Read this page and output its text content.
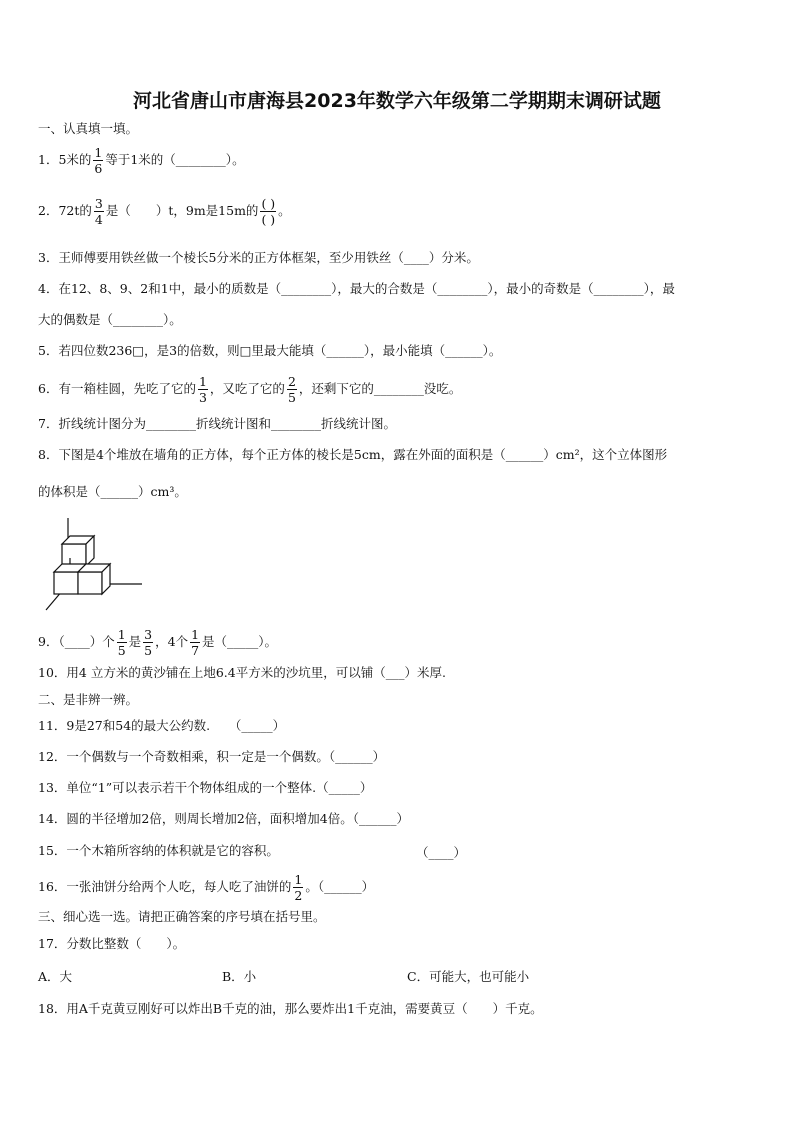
河北省唐山市唐海县2023年数学六年级第二学期期末调研试题
一、认真填一填。
1．5米的 $\frac{1}{6}$ 等于1米的（________）。
2．72t的 $\frac{3}{4}$ 是（　　）t，9m是15m的 ( )
( )
。
3．王师傅要用铁丝做一个棱长5分米的正方体框架，至少用铁丝（____）分米。
4．在12、8、9、2和1中，最小的质数是（________），最大的合数是（________），最小的奇数是（________），最
大的偶数是（________）。
5．若四位数236□，是3的倍数，则□里最大能填（______），最小能填（______）。
6．有一箱桂圆，先吃了它的 $\frac{1}{3}$ ，又吃了它的 $\frac{2}{5}$ ，还剩下它的________没吃。
7．折线统计图分为________折线统计图和________折线统计图。
8．下图是4个堆放在墙角的正方体，每个正方体的棱长是5cm，露在外面的面积是（______）cm²，这个立体图形
的体积是（______）cm³。
9．（____）个 $\frac{1}{5}$ 是 $\frac{3}{5}$ ，4个 $\frac{1}{7}$ 是（_____）。
10．用4 立方米的黄沙铺在上地6.4平方米的沙坑里，可以铺（___）米厚.
二、是非辨一辨。
11．9是27和54的最大公约数.　　（_____）
12．一个偶数与一个奇数相乘，积一定是一个偶数。（______）
13．单位“1”可以表示若干个物体组成的一个整体.（_____）
14．圆的半径增加2倍，则周长增加2倍，面积增加4倍。（______）
15．一个木箱所容纳的体积就是它的容积。	（____）
16．一张油饼分给两个人吃，每人吃了油饼的 $\frac{1}{2}$ 。（______）
三、细心选一选。请把正确答案的序号填在括号里。
17．分数比整数（　　）。
A．大	B．小	C．可能大，也可能小
18．用A千克黄豆刚好可以炸出B千克的油，那么要炸出1千克油，需要黄豆（　　）千克。
